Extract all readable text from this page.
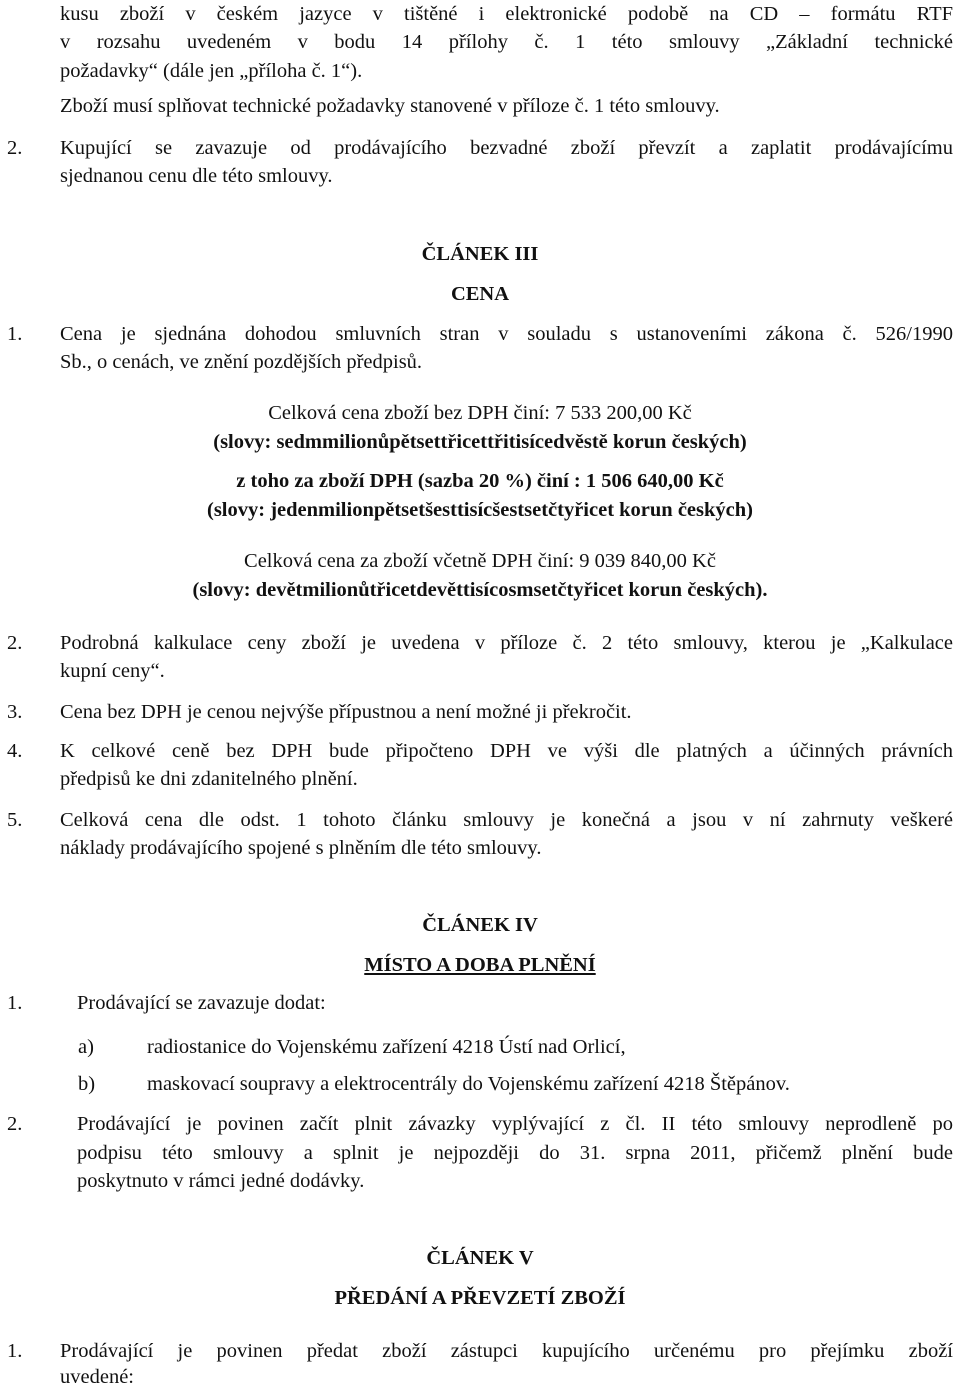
kusu zboží v českém jazyce v tištěné i elektronické podobě na CD – formátu RTF
v rozsahu uvedeném v bodu 14 přílohy č. 1 této smlouvy „Základní technické
požadavky“ (dále jen „příloha č. 1“).
Zboží musí splňovat technické požadavky stanovené v příloze č. 1 této smlouvy.
2. Kupující se zavazuje od prodávajícího bezvadné zboží převzít a zaplatit prodávajícímu
sjednanou cenu dle této smlouvy.
ČLÁNEK III
CENA
1. Cena je sjednána dohodou smluvních stran v souladu s ustanoveními zákona č. 526/1990
Sb., o cenách, ve znění pozdějších předpisů.
Celková cena zboží bez DPH činí: 7 533 200,00 Kč
(slovy: sedmmilionůpětsettřicettřitisícedvěstě korun českých)
z toho za zboží DPH (sazba 20 %) činí : 1 506 640,00 Kč
(slovy: jedenmilionpětsetšesttisícšestsetčtyřicet korun českých)
Celková cena za zboží včetně DPH činí: 9 039 840,00 Kč
(slovy: devětmilionůtřicetdevěttisícosmsetčtyřicet korun českých).
2. Podrobná kalkulace ceny zboží je uvedena v příloze č. 2 této smlouvy, kterou je „Kalkulace
kupní ceny“.
3. Cena bez DPH je cenou nejvýše přípustnou a není možné ji překročit.
4. K celkové ceně bez DPH bude připočteno DPH ve výši dle platných a účinných právních
předpisů ke dni zdanitelného plnění.
5. Celková cena dle odst. 1 tohoto článku smlouvy je konečná a jsou v ní zahrnuty veškeré
náklady prodávajícího spojené s plněním dle této smlouvy.
ČLÁNEK IV
MÍSTO A DOBA PLNĚNÍ
1.	Prodávající se zavazuje dodat:
a)	radiostanice do Vojenskému zařízení 4218 Ústí nad Orlicí,
b)	maskovací soupravy a elektrocentrály do Vojenskému zařízení 4218 Štěpánov.
2.	Prodávající je povinen začít plnit závazky vyplývající z čl. II této smlouvy neprodleně po
podpisu této smlouvy a splnit je nejpozději do 31. srpna 2011, přičemž plnění bude
poskytnuto v rámci jedné dodávky.
ČLÁNEK V
PŘEDÁNÍ A PŘEVZETÍ ZBOŽÍ
1. Prodávající je povinen předat zboží zástupci kupujícího určenému pro přejímku zboží
uvedené:
